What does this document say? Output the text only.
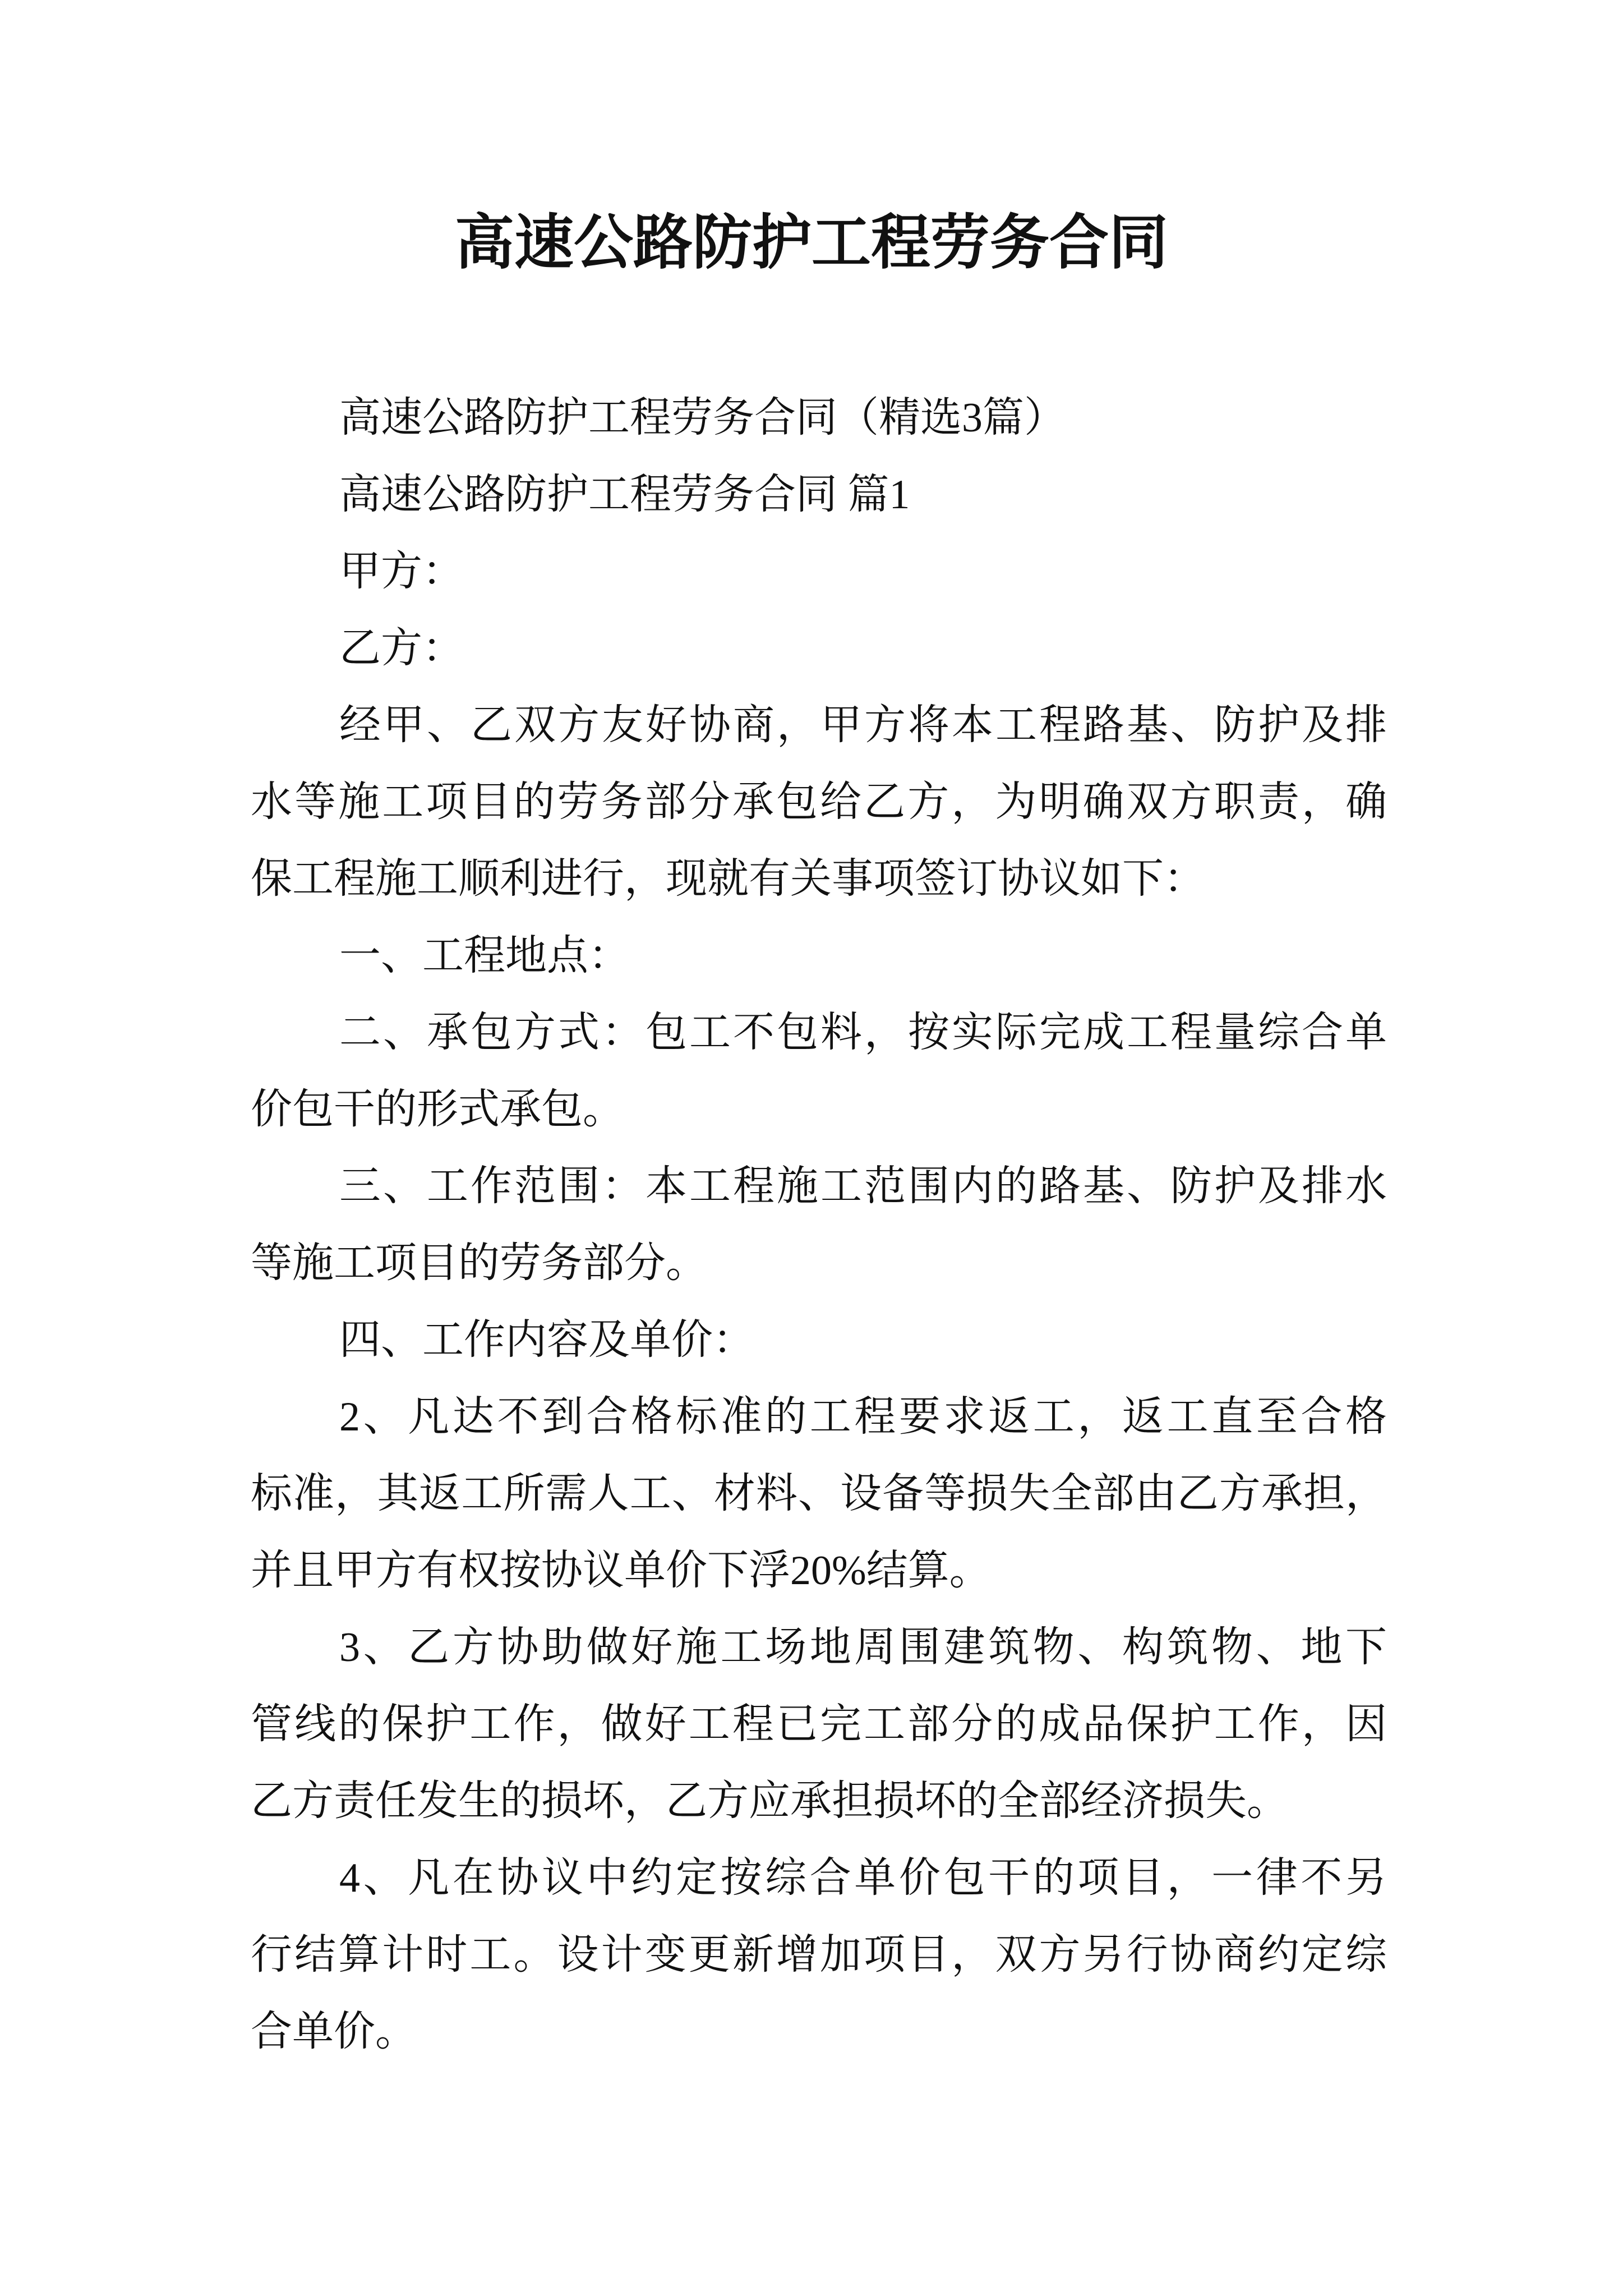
高速公路防护工程劳务合同
高速公路防护工程劳务合同（精选3篇）
高速公路防护工程劳务合同 篇1
甲方：
乙方：
经甲、乙双方友好协商，甲方将本工程路基、防护及排
水等施工项目的劳务部分承包给乙方，为明确双方职责，确
保工程施工顺利进行，现就有关事项签订协议如下：
一、工程地点：
二、承包方式：包工不包料，按实际完成工程量综合单
价包干的形式承包。
三、工作范围：本工程施工范围内的路基、防护及排水
等施工项目的劳务部分。
四、工作内容及单价：
2、凡达不到合格标准的工程要求返工，返工直至合格
标准，其返工所需人工、材料、设备等损失全部由乙方承担，
并且甲方有权按协议单价下浮20%结算。
3、乙方协助做好施工场地周围建筑物、构筑物、地下
管线的保护工作，做好工程已完工部分的成品保护工作，因
乙方责任发生的损坏，乙方应承担损坏的全部经济损失。
4、凡在协议中约定按综合单价包干的项目，一律不另
行结算计时工。设计变更新增加项目，双方另行协商约定综
合单价。
